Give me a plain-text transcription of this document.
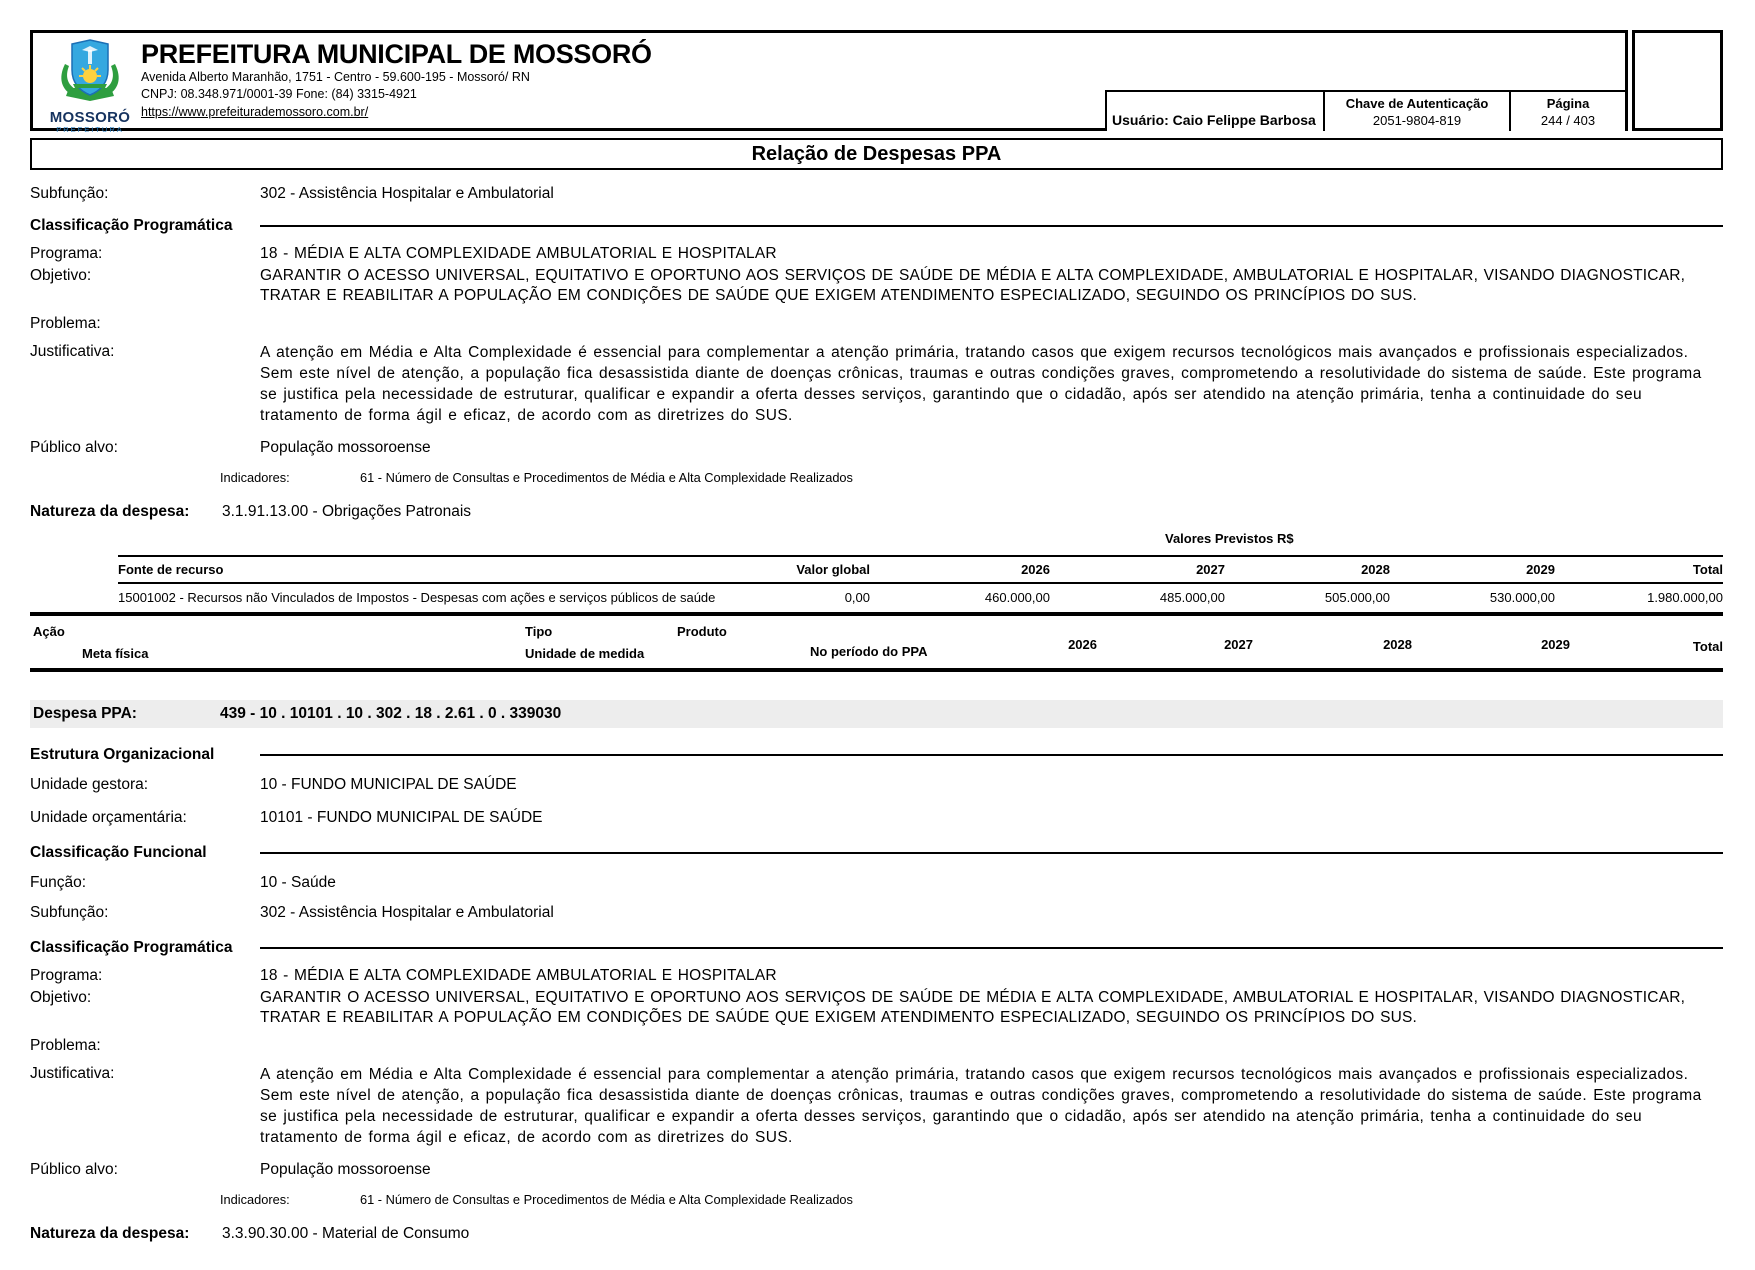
MOSSORÓ
PREFEITURA
PREFEITURA MUNICIPAL DE MOSSORÓ
Avenida Alberto Maranhão, 1751 - Centro - 59.600-195 - Mossoró/ RN
CNPJ: 08.348.971/0001-39 Fone: (84) 3315-4921
https://www.prefeiturademossoro.com.br/	Usuário: Caio Felippe Barbosa
Chave de Autenticação
2051-9804-819
Página
244 / 403
Relação de Despesas PPA
Subfunção:	302 - Assistência Hospitalar e Ambulatorial
Classificação Programática
Programa:	18 - MÉDIA E ALTA COMPLEXIDADE AMBULATORIAL E HOSPITALAR
Objetivo:	GARANTIR O ACESSO UNIVERSAL, EQUITATIVO E OPORTUNO AOS SERVIÇOS DE SAÚDE DE MÉDIA E ALTA COMPLEXIDADE, AMBULATORIAL E HOSPITALAR, VISANDO DIAGNOSTICAR, TRATAR E REABILITAR A POPULAÇÃO EM CONDIÇÕES DE SAÚDE QUE EXIGEM ATENDIMENTO ESPECIALIZADO, SEGUINDO OS PRINCÍPIOS DO SUS.
Problema:
Justificativa:	A atenção em Média e Alta Complexidade é essencial para complementar a atenção primária, tratando casos que exigem recursos tecnológicos mais avançados e profissionais especializados. Sem este nível de atenção, a população fica desassistida diante de doenças crônicas, traumas e outras condições graves, comprometendo a resolutividade do sistema de saúde. Este programa se justifica pela necessidade de estruturar, qualificar e expandir a oferta desses serviços, garantindo que o cidadão, após ser atendido na atenção primária, tenha a continuidade do seu tratamento de forma ágil e eficaz, de acordo com as diretrizes do SUS.
Público alvo:	População mossoroense
Indicadores:	61 - Número de Consultas e Procedimentos de Média e Alta Complexidade Realizados
Natureza da despesa:	3.1.91.13.00 - Obrigações Patronais
Valores Previstos R$
Fonte de recurso	Valor global	2026	2027	2028	2029	Total
15001002 - Recursos não Vinculados de Impostos - Despesas com ações e serviços públicos de saúde	0,00	460.000,00	485.000,00	505.000,00	530.000,00	1.980.000,00
Ação	Tipo	Produto
Meta física	Unidade de medida	No período do PPA	2026	2027	2028	2029	Total
Despesa PPA:	439 - 10 . 10101 . 10 . 302 . 18 . 2.61 . 0 . 339030
Estrutura Organizacional
Unidade gestora:	10 - FUNDO MUNICIPAL DE SAÚDE
Unidade orçamentária:	10101 - FUNDO MUNICIPAL DE SAÚDE
Classificação Funcional
Função:	10 - Saúde
Subfunção:	302 - Assistência Hospitalar e Ambulatorial
Classificação Programática
Programa:	18 - MÉDIA E ALTA COMPLEXIDADE AMBULATORIAL E HOSPITALAR
Objetivo:	GARANTIR O ACESSO UNIVERSAL, EQUITATIVO E OPORTUNO AOS SERVIÇOS DE SAÚDE DE MÉDIA E ALTA COMPLEXIDADE, AMBULATORIAL E HOSPITALAR, VISANDO DIAGNOSTICAR, TRATAR E REABILITAR A POPULAÇÃO EM CONDIÇÕES DE SAÚDE QUE EXIGEM ATENDIMENTO ESPECIALIZADO, SEGUINDO OS PRINCÍPIOS DO SUS.
Problema:
Justificativa:	A atenção em Média e Alta Complexidade é essencial para complementar a atenção primária, tratando casos que exigem recursos tecnológicos mais avançados e profissionais especializados. Sem este nível de atenção, a população fica desassistida diante de doenças crônicas, traumas e outras condições graves, comprometendo a resolutividade do sistema de saúde. Este programa se justifica pela necessidade de estruturar, qualificar e expandir a oferta desses serviços, garantindo que o cidadão, após ser atendido na atenção primária, tenha a continuidade do seu tratamento de forma ágil e eficaz, de acordo com as diretrizes do SUS.
Público alvo:	População mossoroense
Indicadores:	61 - Número de Consultas e Procedimentos de Média e Alta Complexidade Realizados
Natureza da despesa:	3.3.90.30.00 - Material de Consumo
